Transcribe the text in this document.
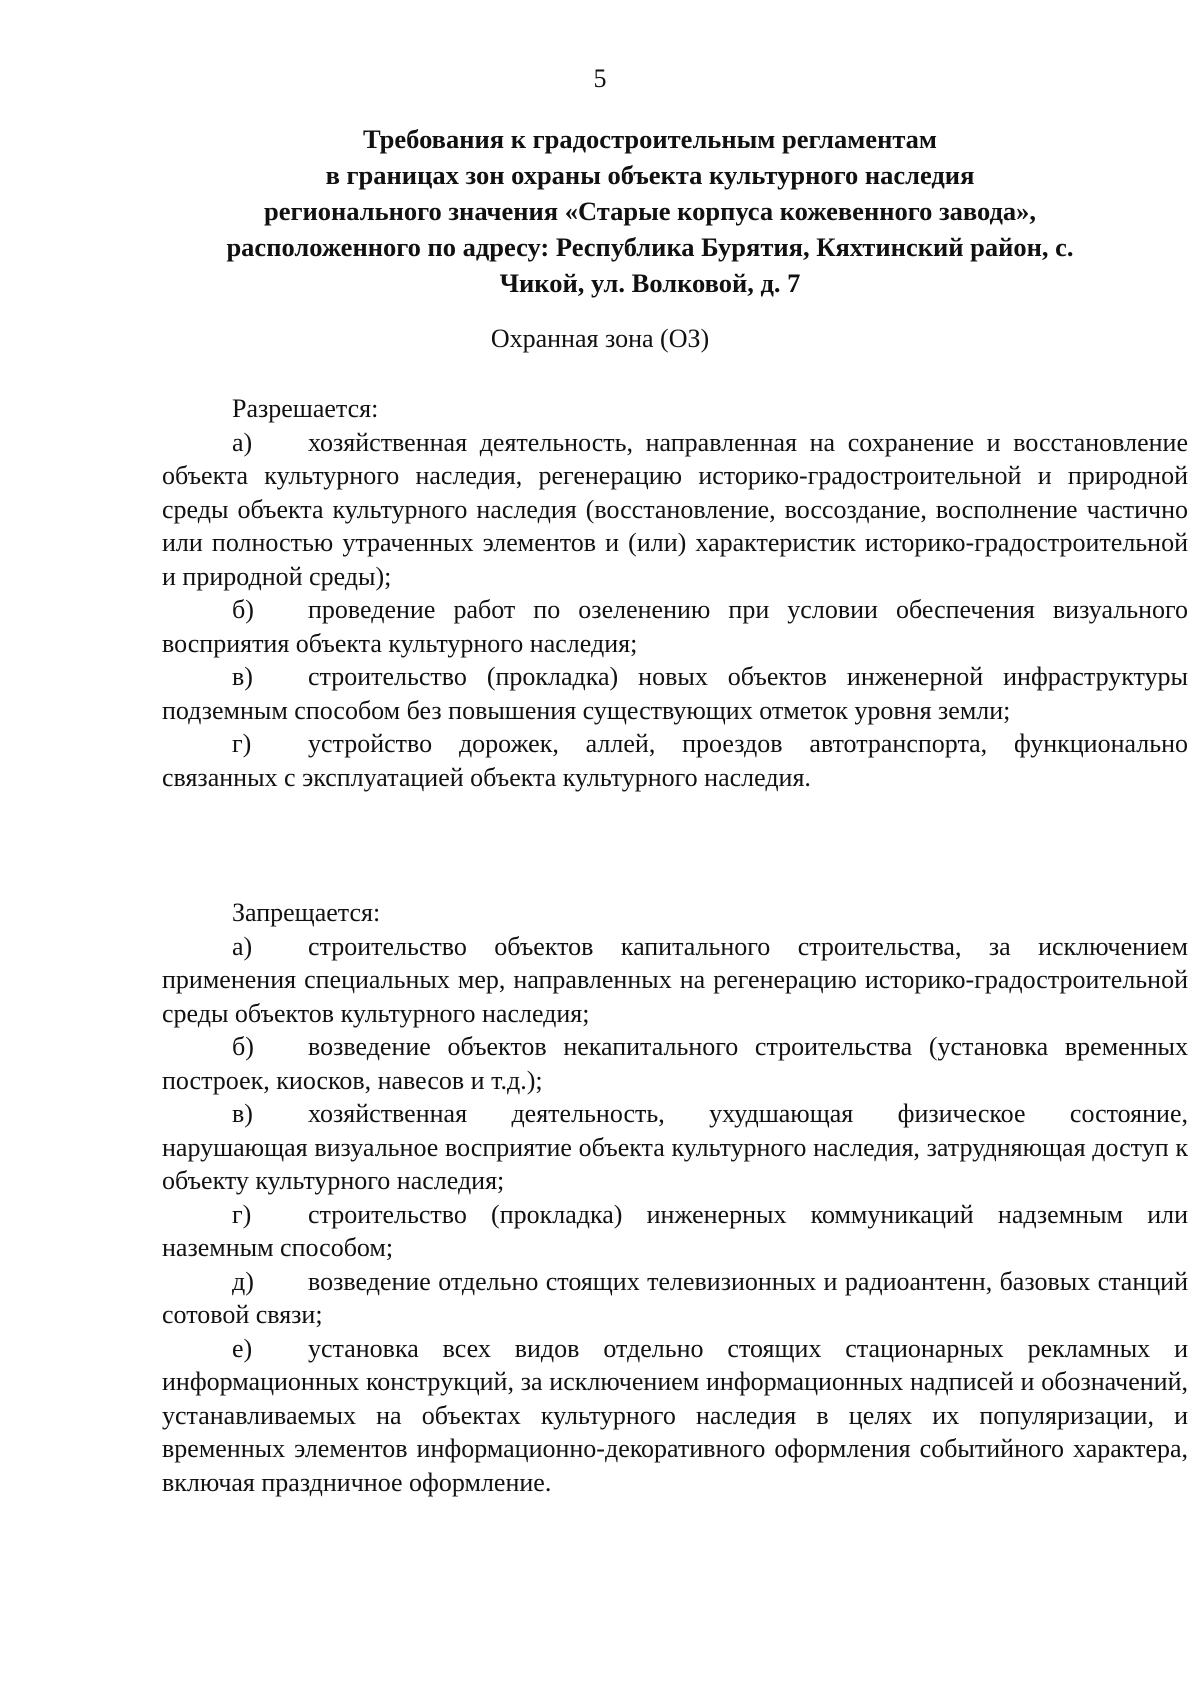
5
Требования к градостроительным регламентам
в границах зон охраны объекта культурного наследия
регионального значения «Старые корпуса кожевенного завода»,
расположенного по адресу: Республика Бурятия, Кяхтинский район, с.
Чикой, ул. Волковой, д. 7
Охранная зона (ОЗ)
Разрешается:
а) хозяйственная деятельность, направленная на сохранение и восстановление объекта культурного наследия, регенерацию историко-градостроительной и природной среды объекта культурного наследия (восстановление, воссоздание, восполнение частично или полностью утраченных элементов и (или) характеристик историко-градостроительной и природной среды);
б) проведение работ по озеленению при условии обеспечения визуального восприятия объекта культурного наследия;
в) строительство (прокладка) новых объектов инженерной инфраструктуры подземным способом без повышения существующих отметок уровня земли;
г) устройство дорожек, аллей, проездов автотранспорта, функционально связанных с эксплуатацией объекта культурного наследия.
Запрещается:
а) строительство объектов капитального строительства, за исключением применения специальных мер, направленных на регенерацию историко-градостроительной среды объектов культурного наследия;
б) возведение объектов некапитального строительства (установка временных построек, киосков, навесов и т.д.);
в) хозяйственная деятельность, ухудшающая физическое состояние, нарушающая визуальное восприятие объекта культурного наследия, затрудняющая доступ к объекту культурного наследия;
г) строительство (прокладка) инженерных коммуникаций надземным или наземным способом;
д) возведение отдельно стоящих телевизионных и радиоантенн, базовых станций сотовой связи;
е) установка всех видов отдельно стоящих стационарных рекламных и информационных конструкций, за исключением информационных надписей и обозначений, устанавливаемых на объектах культурного наследия в целях их популяризации, и временных элементов информационно-декоративного оформления событийного характера, включая праздничное оформление.
